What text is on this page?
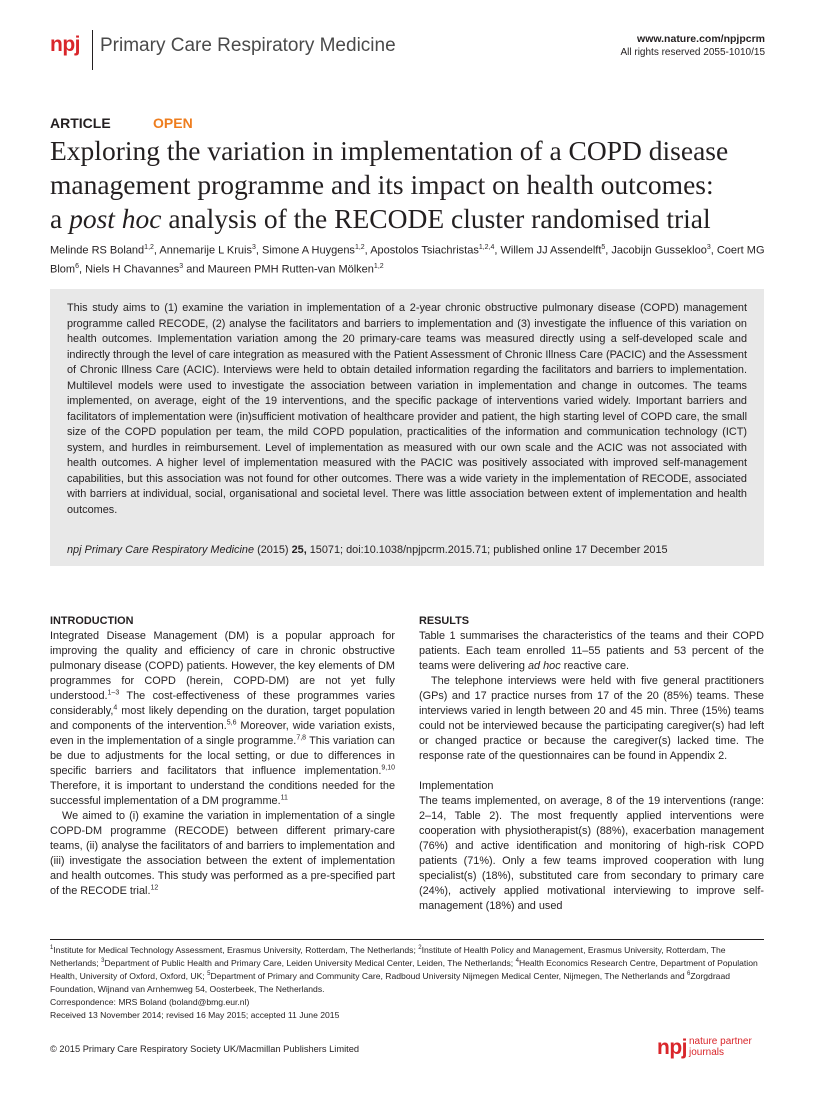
npj Primary Care Respiratory Medicine	www.nature.com/npjpcrm
All rights reserved 2055-1010/15
ARTICLE	OPEN
Exploring the variation in implementation of a COPD disease
management programme and its impact on health outcomes:
a post hoc analysis of the RECODE cluster randomised trial
Melinde RS Boland$^{1,2}$, Annemarije L Kruis$^3$, Simone A Huygens$^{1,2}$, Apostolos Tsiachristas$^{1,2,4}$, Willem JJ Assendelft$^5$, Jacobijn Gussekloo$^3$, Coert MG Blom$^6$, Niels H Chavannes$^3$ and Maureen PMH Rutten-van Mölken$^{1,2}$
This study aims to (1) examine the variation in implementation of a 2-year chronic obstructive pulmonary disease (COPD) management programme called RECODE, (2) analyse the facilitators and barriers to implementation and (3) investigate the influence of this variation on health outcomes. Implementation variation among the 20 primary-care teams was measured directly using a self-developed scale and indirectly through the level of care integration as measured with the Patient Assessment of Chronic Illness Care (PACIC) and the Assessment of Chronic Illness Care (ACIC). Interviews were held to obtain detailed information regarding the facilitators and barriers to implementation. Multilevel models were used to investigate the association between variation in implementation and change in outcomes. The teams implemented, on average, eight of the 19 interventions, and the specific package of interventions varied widely. Important barriers and facilitators of implementation were (in)sufficient motivation of healthcare provider and patient, the high starting level of COPD care, the small size of the COPD population per team, the mild COPD population, practicalities of the information and communication technology (ICT) system, and hurdles in reimbursement. Level of implementation as measured with our own scale and the ACIC was not associated with health outcomes. A higher level of implementation measured with the PACIC was positively associated with improved self-management capabilities, but this association was not found for other outcomes. There was a wide variety in the implementation of RECODE, associated with barriers at individual, social, organisational and societal level. There was little association between extent of implementation and health outcomes.
npj Primary Care Respiratory Medicine (2015) 25, 15071; doi:10.1038/npjpcrm.2015.71; published online 17 December 2015
INTRODUCTION

Integrated Disease Management (DM) is a popular approach for improving the quality and efficiency of care in chronic obstructive pulmonary disease (COPD) patients. However, the key elements of DM programmes for COPD (herein, COPD-DM) are not yet fully understood.$^{1-3}$ The cost-effectiveness of these programmes varies considerably,$^4$ most likely depending on the duration, target population and components of the intervention.$^{5,6}$ Moreover, wide variation exists, even in the implementation of a single programme.$^{7,8}$ This variation can be due to adjustments for the local setting, or due to differences in specific barriers and facilitators that influence implementation.$^{9,10}$ Therefore, it is important to understand the conditions needed for the successful implementation of a DM programme.$^{11}$

We aimed to (i) examine the variation in implementation of a single COPD-DM programme (RECODE) between different primary-care teams, (ii) analyse the facilitators of and barriers to implementation and (iii) investigate the association between the extent of implementation and health outcomes. This study was performed as a pre-specified part of the RECODE trial.$^{12}$

RESULTS

Table 1 summarises the characteristics of the teams and their COPD patients. Each team enrolled 11–55 patients and 53 percent of the teams were delivering ad hoc reactive care.

The telephone interviews were held with five general practitioners (GPs) and 17 practice nurses from 17 of the 20 (85%) teams. These interviews varied in length between 20 and 45 min. Three (15%) teams could not be interviewed because the participating caregiver(s) had left or changed practice or because the caregiver(s) lacked time. The response rate of the questionnaires can be found in Appendix 2.

Implementation

The teams implemented, on average, 8 of the 19 interventions (range: 2–14, Table 2). The most frequently applied interventions were cooperation with physiotherapist(s) (88%), exacerbation management (76%) and active identification and monitoring of high-risk COPD patients (71%). Only a few teams improved cooperation with lung specialist(s) (18%), substituted care from secondary to primary care (24%), actively applied motivational interviewing to improve self-management (18%) and used

$^1$Institute for Medical Technology Assessment, Erasmus University, Rotterdam, The Netherlands; $^2$Institute of Health Policy and Management, Erasmus University, Rotterdam, The Netherlands; $^3$Department of Public Health and Primary Care, Leiden University Medical Center, Leiden, The Netherlands; $^4$Health Economics Research Centre, Department of Population Health, University of Oxford, Oxford, UK; $^5$Department of Primary and Community Care, Radboud University Nijmegen Medical Center, Nijmegen, The Netherlands and $^6$Zorgdraad Foundation, Wijnand van Arnhemweg 54, Oosterbeek, The Netherlands.

Correspondence: MRS Boland (boland@bmg.eur.nl)

Received 13 November 2014; revised 16 May 2015; accepted 11 June 2015

© 2015 Primary Care Respiratory Society UK/Macmillan Publishers Limited	npj nature partner
journals
